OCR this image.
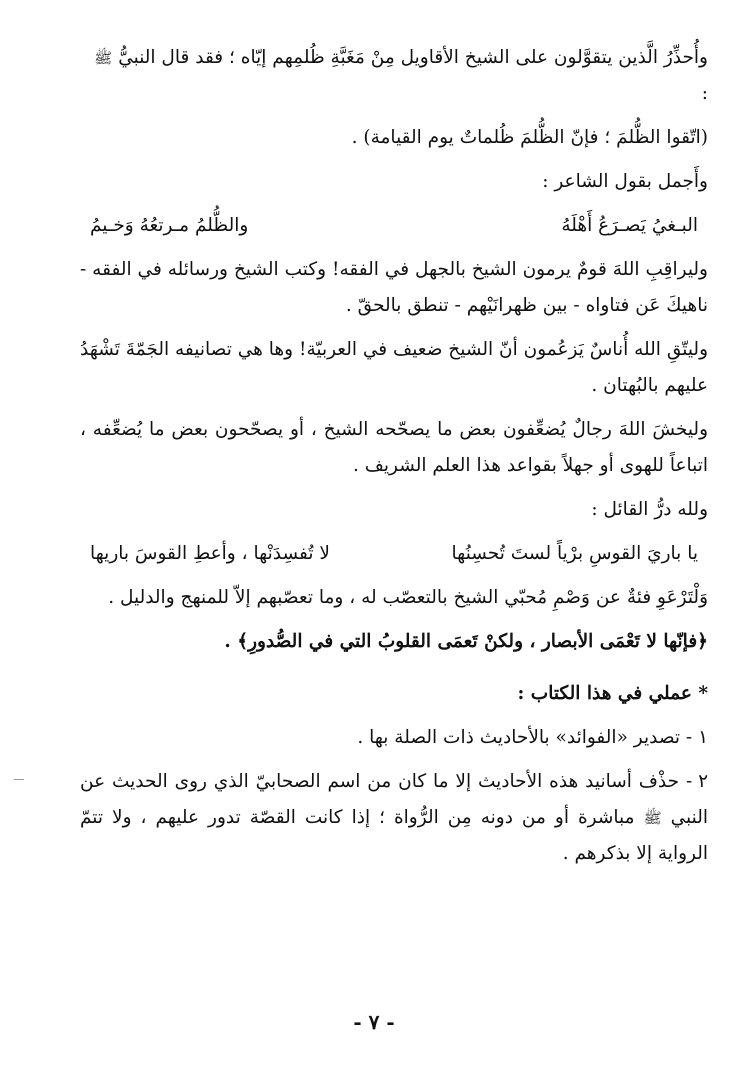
وأُحذِّرُ الَّذين يتقوَّلون على الشيخ الأقاويل مِنْ مَغَبَّةِ ظُلمِهم إيّاه ؛ فقد قال النبيُّ ﷺ
:

(اتّقوا الظُّلمَ ؛ فإنّ الظُّلمَ ظُلماتٌ يوم القيامة) .

وأَجمل بقول الشاعر :

البـغيُ يَصـرَعُ أَهْلَهُ
والظُّلمُ مـرتعُهُ وَخـيمُ

وليراقِبِ اللهَ قومٌ يرمون الشيخ بالجهل في الفقه! وكتب الشيخ ورسائله في الفقه - ناهيكَ عَن فتاواه - بين ظهرانَيْهم - تنطق بالحقّ .

وليتّقِ الله أُناسٌ يَزعُمون أنّ الشيخ ضعيف في العربيّة! وها هي تصانيفه الجَمّةَ تَشْهَدُ عليهم بالبُهتان .

وليخشَ اللهَ رجالٌ يُضعِّفون بعض ما يصحّحه الشيخ ، أو يصحّحون بعض ما يُضعِّفه ، اتباعاً للهوى أو جهلاً بقواعد هذا العلم الشريف .

ولله درُّ القائل :

يا باريَ القوسِ برْياً لستَ تُحسِنُها
لا تُفسِدَنْها ، وأعطِ القوسَ باريها

وَلْتَرْعَوِ فئةٌ عن وَصْمِ مُحبّي الشيخ بالتعصّب له ، وما تعصّبهم إلاّ للمنهج والدليل .

﴿فإنّها لا تَعْمَى الأبصار ، ولكنْ تَعمَى القلوبُ التي في الصُّدورِ﴾ .

* عملي في هذا الكتاب :

١ - تصدير «الفوائد» بالأحاديث ذات الصلة بها .

٢ - حذْف أسانيد هذه الأحاديث إلا ما كان من اسم الصحابيّ الذي روى الحديث عن النبي ﷺ مباشرة أو من دونه مِن الرُّواة ؛ إذا كانت القصّة تدور عليهم ، ولا تتمّ الرواية إلا بذكرهم .

ـــ
- ٧ -
